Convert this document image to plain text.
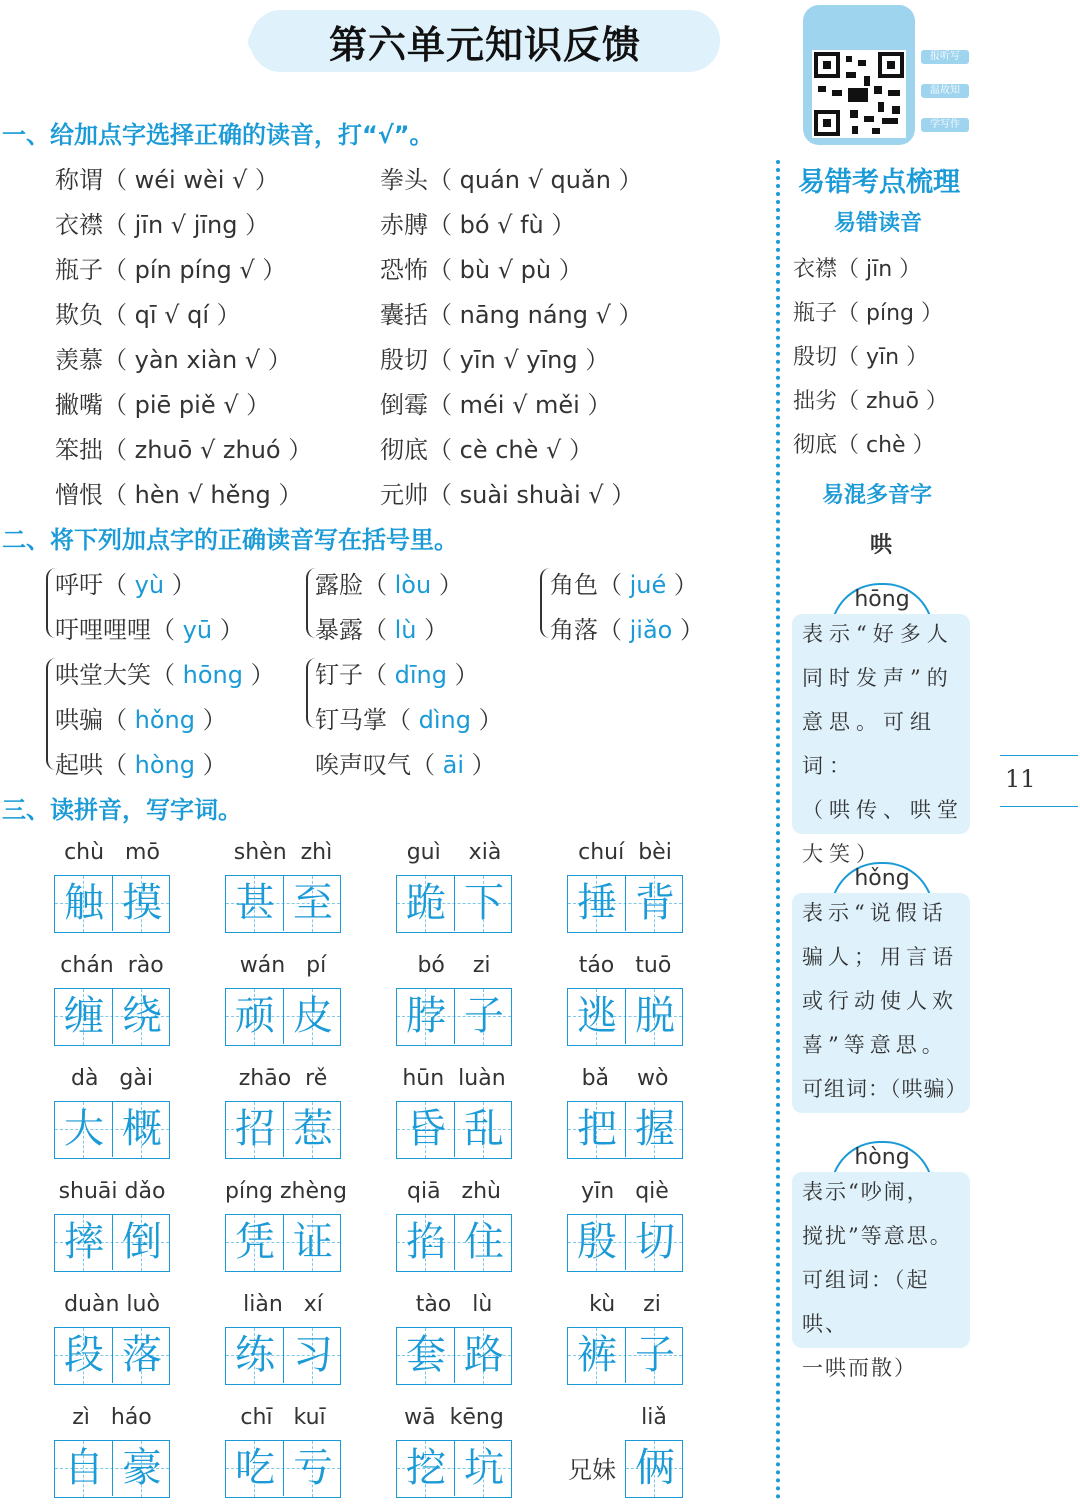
第六单元知识反馈	报听写
温故知
学写作
一、给加点字选择正确的读音，打“√”。
称谓（ wéi wèi √ ）
衣襟（ jīn √ jīng ）
瓶子（ pín píng √ ）
欺负（ qī √ qí ）
羡慕（ yàn xiàn √ ）
撇嘴（ piē piě √ ）
笨拙（ zhuō √ zhuó ）
憎恨（ hèn √ hěng ）
拳头（ quán √ quǎn ）
赤膊（ bó √ fù ）
恐怖（ bù √ pù ）
囊括（ nāng náng √ ）
殷切（ yīn √ yīng ）
倒霉（ méi √ měi ）
彻底（ cè chè √ ）
元帅（ suài shuài √ ）
二、将下列加点字的正确读音写在括号里。
呼吁（ yù ）
吁哩哩哩（ yū ）
露脸（ lòu ）
暴露（ lù ）
角色（ jué ）
角落（ jiǎo ）
哄堂大笑（ hōng ）
哄骗（ hǒng ）
起哄（ hòng ）
钉子（ dīng ）
钉马掌（ dìng ）
唉声叹气（ āi ）
三、读拼音，写字词。
chù   mō
触 摸
shèn  zhì
甚 至
guì    xià
跪 下
chuí  bèi
捶 背
chán  rào
缠 绕
wán   pí
顽 皮
bó    zi
脖 子
táo   tuō
逃 脱
dà   gài
大 概
zhāo  rě
招 惹
hūn  luàn
昏 乱
bǎ    wò
把 握
shuāi dǎo
摔 倒
píng zhèng
凭 证
qiā   zhù
掐 住
yīn   qiè
殷 切
duàn luò
段 落
liàn   xí
练 习
tào   lù
套 路
kù    zi
裤 子
zì   háo
自 豪
chī   kuī
吃 亏
wā  kēng
挖 坑	兄妹
liǎ
俩
易错考点梳理
易错读音
衣襟（ jīn ）
瓶子（ píng ）
殷切（ yīn ）
拙劣（ zhuō ）
彻底（ chè ）
易混多音字
哄
hōng
表示“好多人
同时发声”的
意思。可组词：
（哄传、哄堂
大笑）
hǒng
表示“说假话
骗人；用言语
或行动使人欢
喜”等意思。
可组词：（哄骗）
hòng
表示“吵闹，
搅扰”等意思。
可组词：（起哄、
一哄而散）
11
